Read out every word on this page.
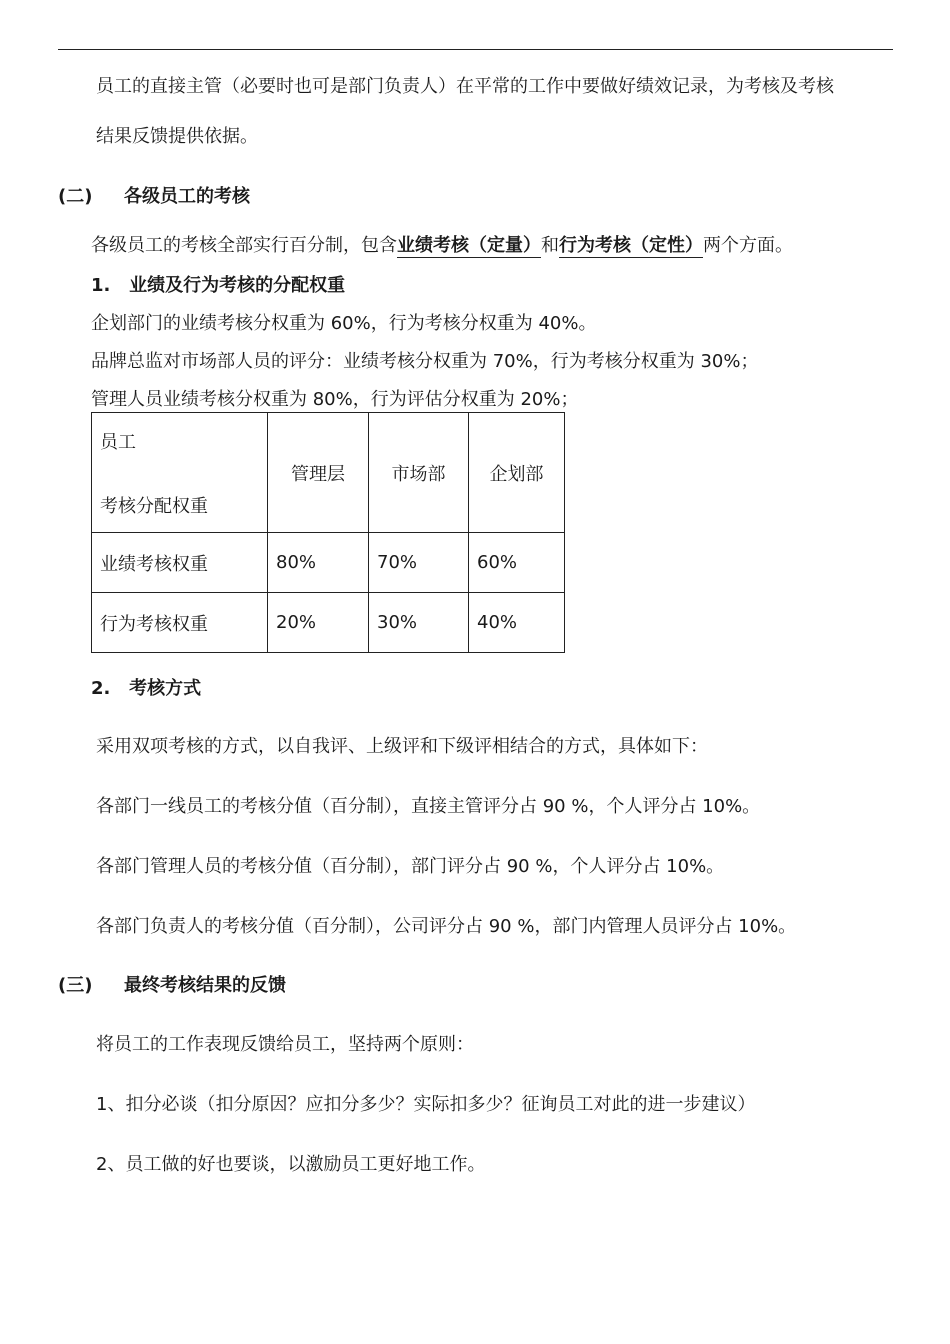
员工的直接主管（必要时也可是部门负责人）在平常的工作中要做好绩效记录，为考核及考核
结果反馈提供依据。
(二) 各级员工的考核
各级员工的考核全部实行百分制，包含业绩考核（定量）和行为考核（定性）两个方面。
1.   业绩及行为考核的分配权重
企划部门的业绩考核分权重为 60%，行为考核分权重为 40%。
品牌总监对市场部人员的评分：业绩考核分权重为 70%，行为考核分权重为 30%；
管理人员业绩考核分权重为 80%，行为评估分权重为 20%；
员工
考核分配权重	管理层	市场部	企划部
业绩考核权重	80%	70%	60%
行为考核权重	20%	30%	40%
2.   考核方式
采用双项考核的方式，以自我评、上级评和下级评相结合的方式，具体如下：
各部门一线员工的考核分值（百分制），直接主管评分占 90 %，个人评分占 10%。
各部门管理人员的考核分值（百分制），部门评分占 90 %，个人评分占 10%。
各部门负责人的考核分值（百分制），公司评分占 90 %，部门内管理人员评分占 10%。
(三) 最终考核结果的反馈
将员工的工作表现反馈给员工，坚持两个原则：
1、扣分必谈（扣分原因？应扣分多少？实际扣多少？征询员工对此的进一步建议）
2、员工做的好也要谈，以激励员工更好地工作。
